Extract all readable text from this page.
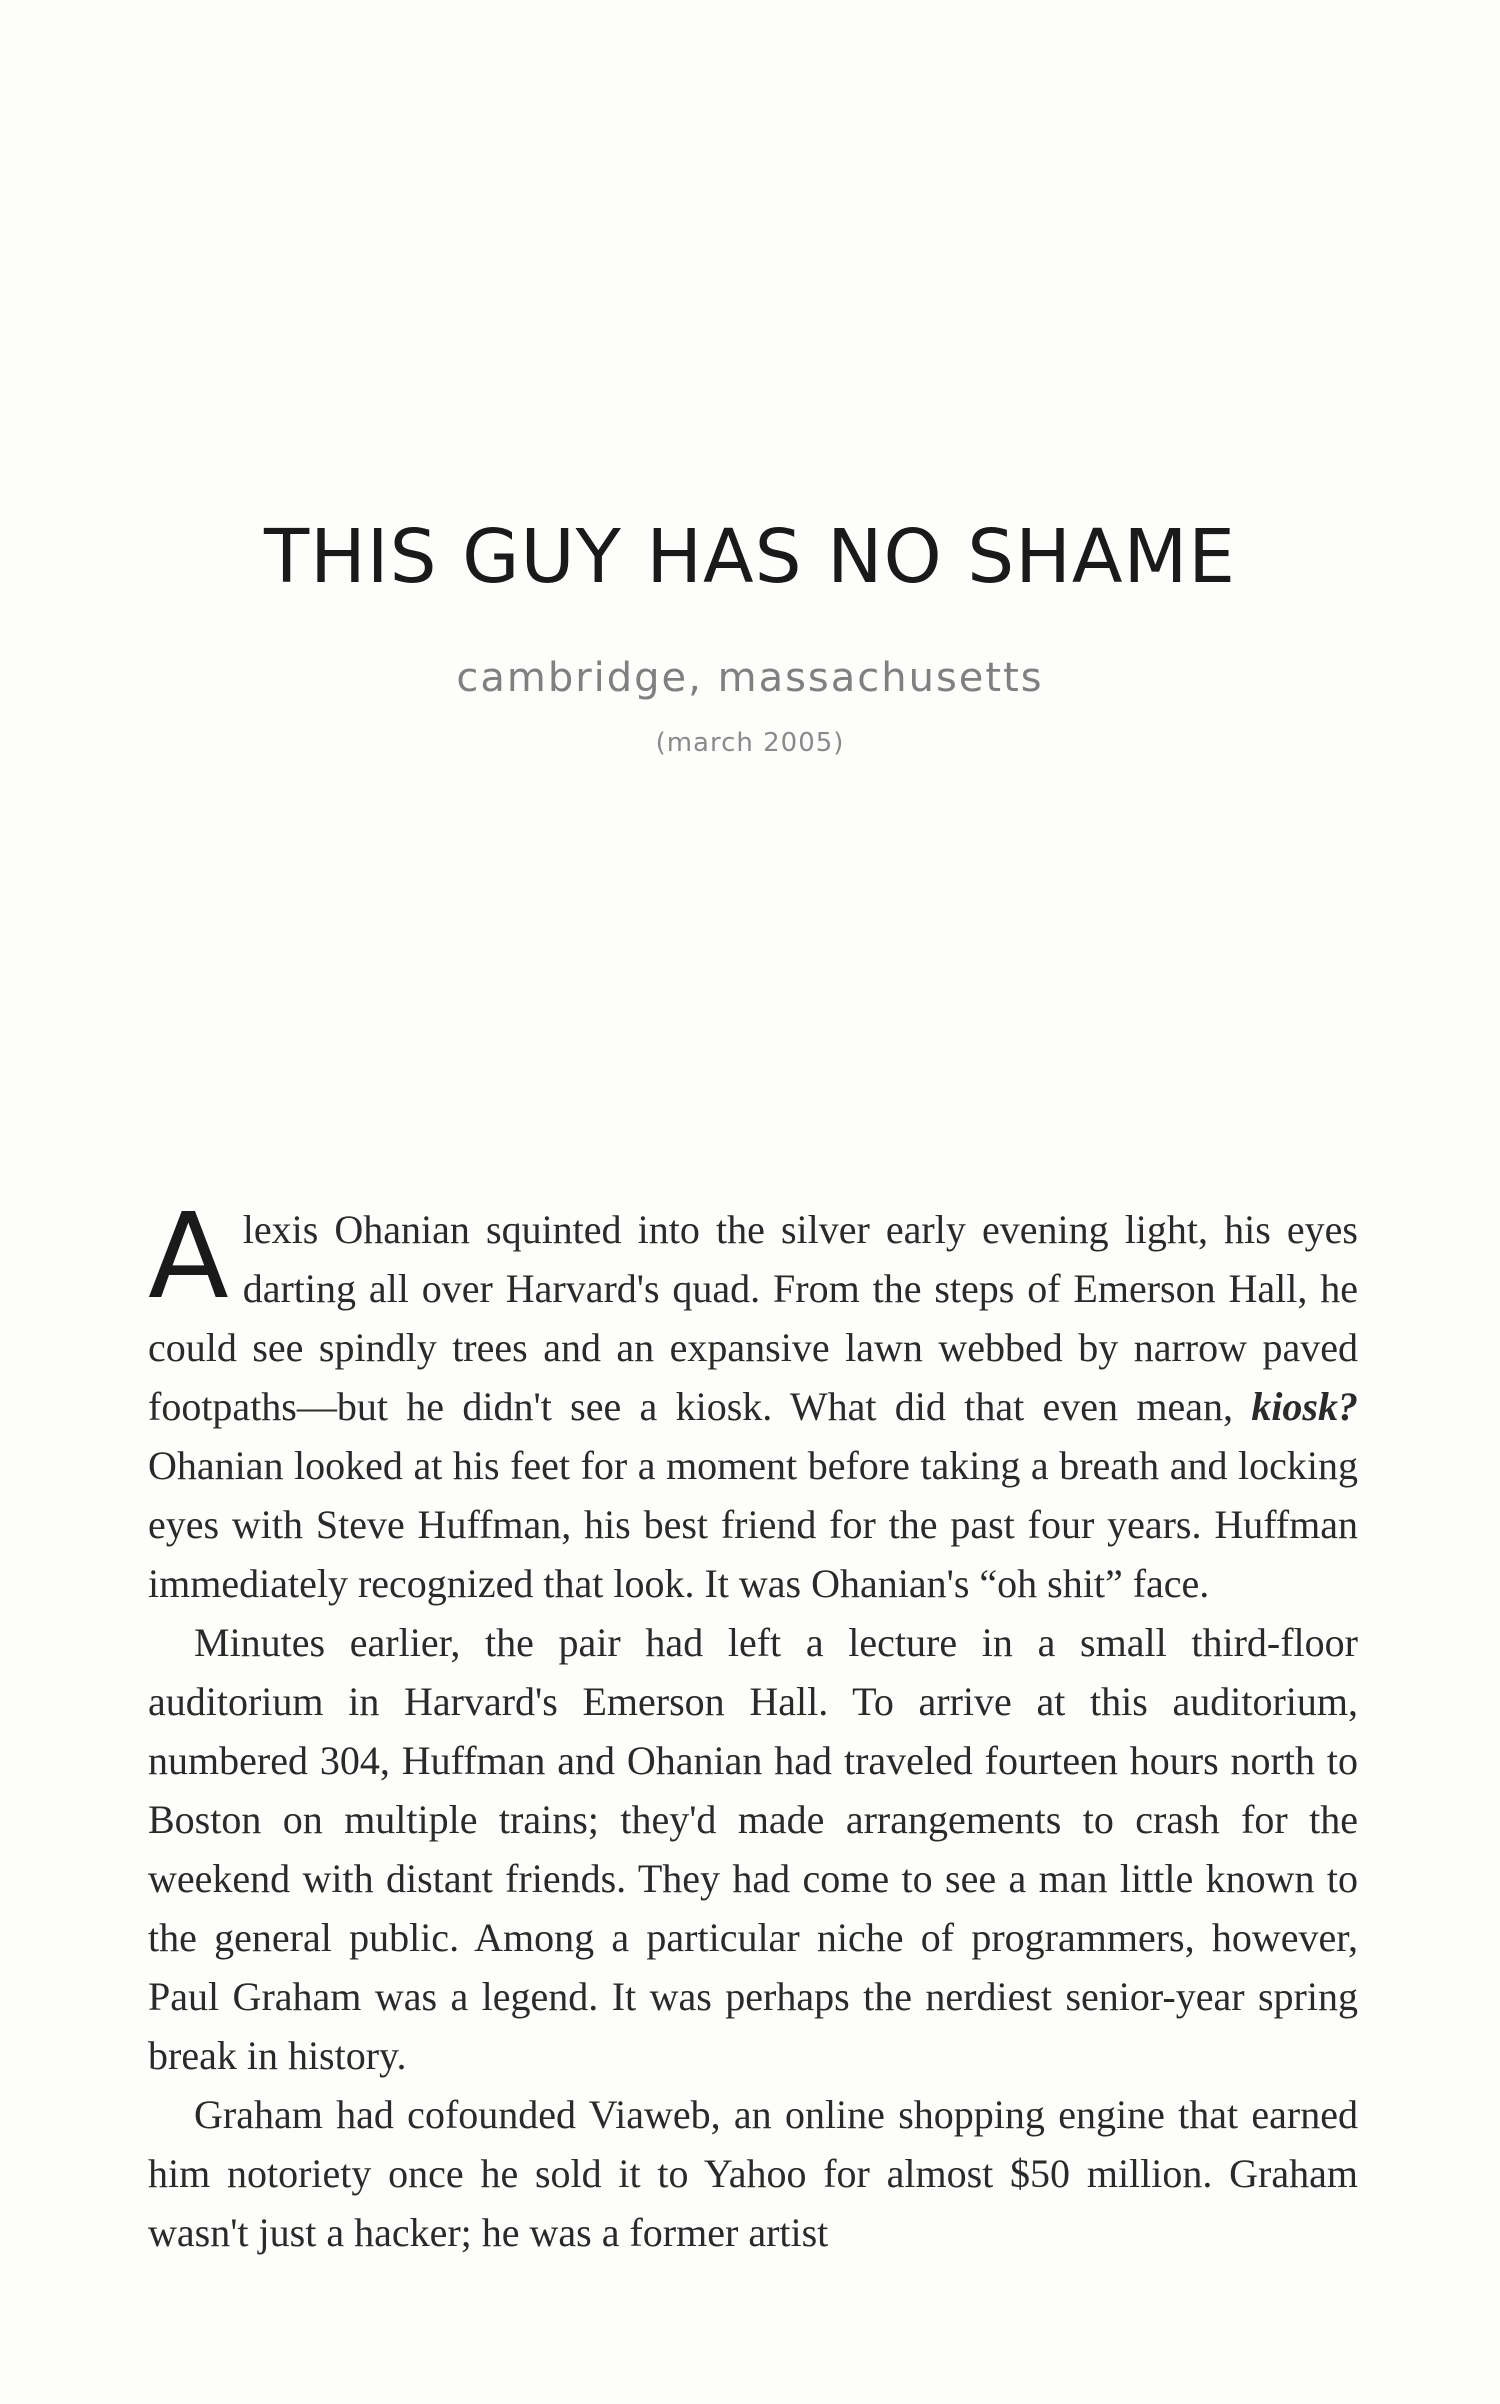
THIS GUY HAS NO SHAME
cambridge, massachusetts
(march 2005)

Alexis Ohanian squinted into the silver early evening light, his eyes darting all over Harvard's quad. From the steps of Emerson Hall, he could see spindly trees and an expansive lawn webbed by narrow paved footpaths—but he didn't see a kiosk. What did that even mean, kiosk? Ohanian looked at his feet for a moment before taking a breath and locking eyes with Steve Huffman, his best friend for the past four years. Huffman immediately recognized that look. It was Ohanian's “oh shit” face.

Minutes earlier, the pair had left a lecture in a small third-floor auditorium in Harvard's Emerson Hall. To arrive at this auditorium, numbered 304, Huffman and Ohanian had traveled fourteen hours north to Boston on multiple trains; they'd made arrangements to crash for the weekend with distant friends. They had come to see a man little known to the general public. Among a particular niche of programmers, however, Paul Graham was a legend. It was perhaps the nerdiest senior-year spring break in history.

Graham had cofounded Viaweb, an online shopping engine that earned him notoriety once he sold it to Yahoo for almost $50 million. Graham wasn't just a hacker; he was a former artist
